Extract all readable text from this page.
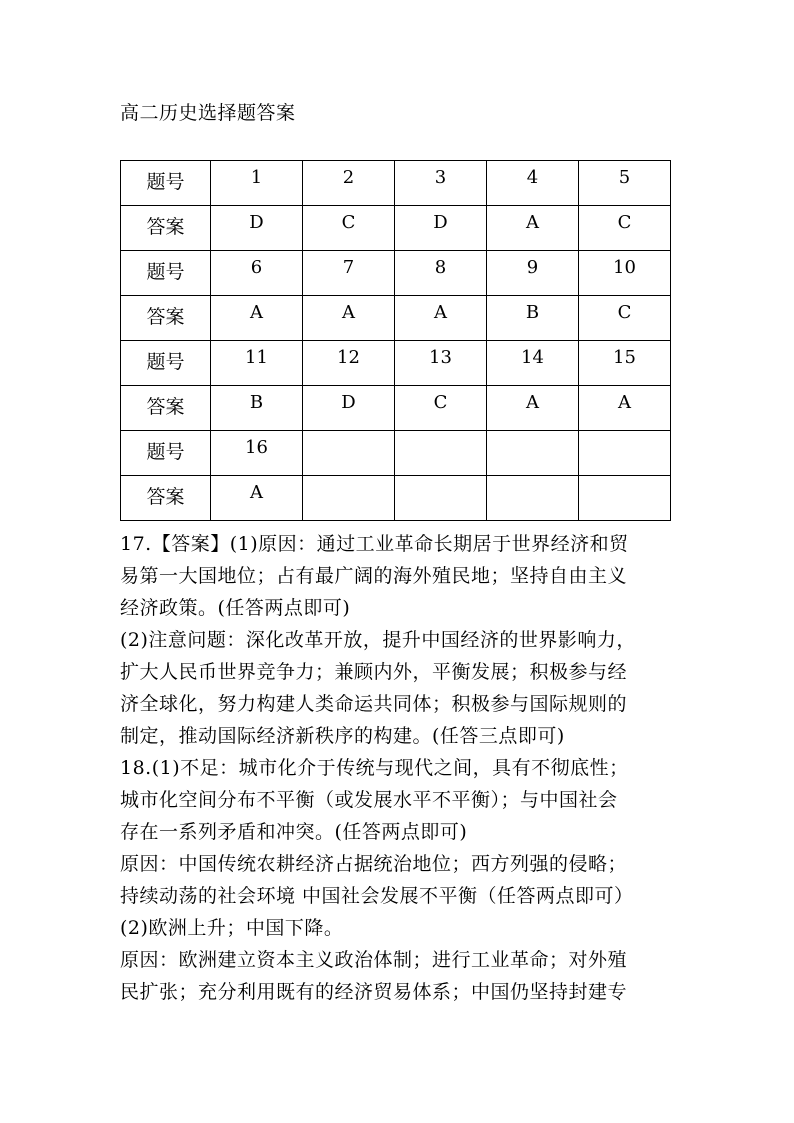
高二历史选择题答案
题号	1	2	3	4	5
答案	D	C	D	A	C
题号	6	7	8	9	10
答案	A	A	A	B	C
题号	11	12	13	14	15
答案	B	D	C	A	A
题号	16				
答案	A				

17.【答案】(1)原因：通过工业革命长期居于世界经济和贸

易第一大国地位；占有最广阔的海外殖民地；坚持自由主义

经济政策。(任答两点即可)

(2)注意问题：深化改革开放，提升中国经济的世界影响力，

扩大人民币世界竞争力；兼顾内外，平衡发展；积极参与经

济全球化，努力构建人类命运共同体；积极参与国际规则的

制定，推动国际经济新秩序的构建。(任答三点即可)

18.(1)不足：城市化介于传统与现代之间，具有不彻底性；

城市化空间分布不平衡（或发展水平不平衡）；与中国社会

存在一系列矛盾和冲突。(任答两点即可)

原因：中国传统农耕经济占据统治地位；西方列强的侵略；

持续动荡的社会环境 中国社会发展不平衡（任答两点即可）

(2)欧洲上升；中国下降。

原因：欧洲建立资本主义政治体制；进行工业革命；对外殖

民扩张；充分利用既有的经济贸易体系；中国仍坚持封建专
